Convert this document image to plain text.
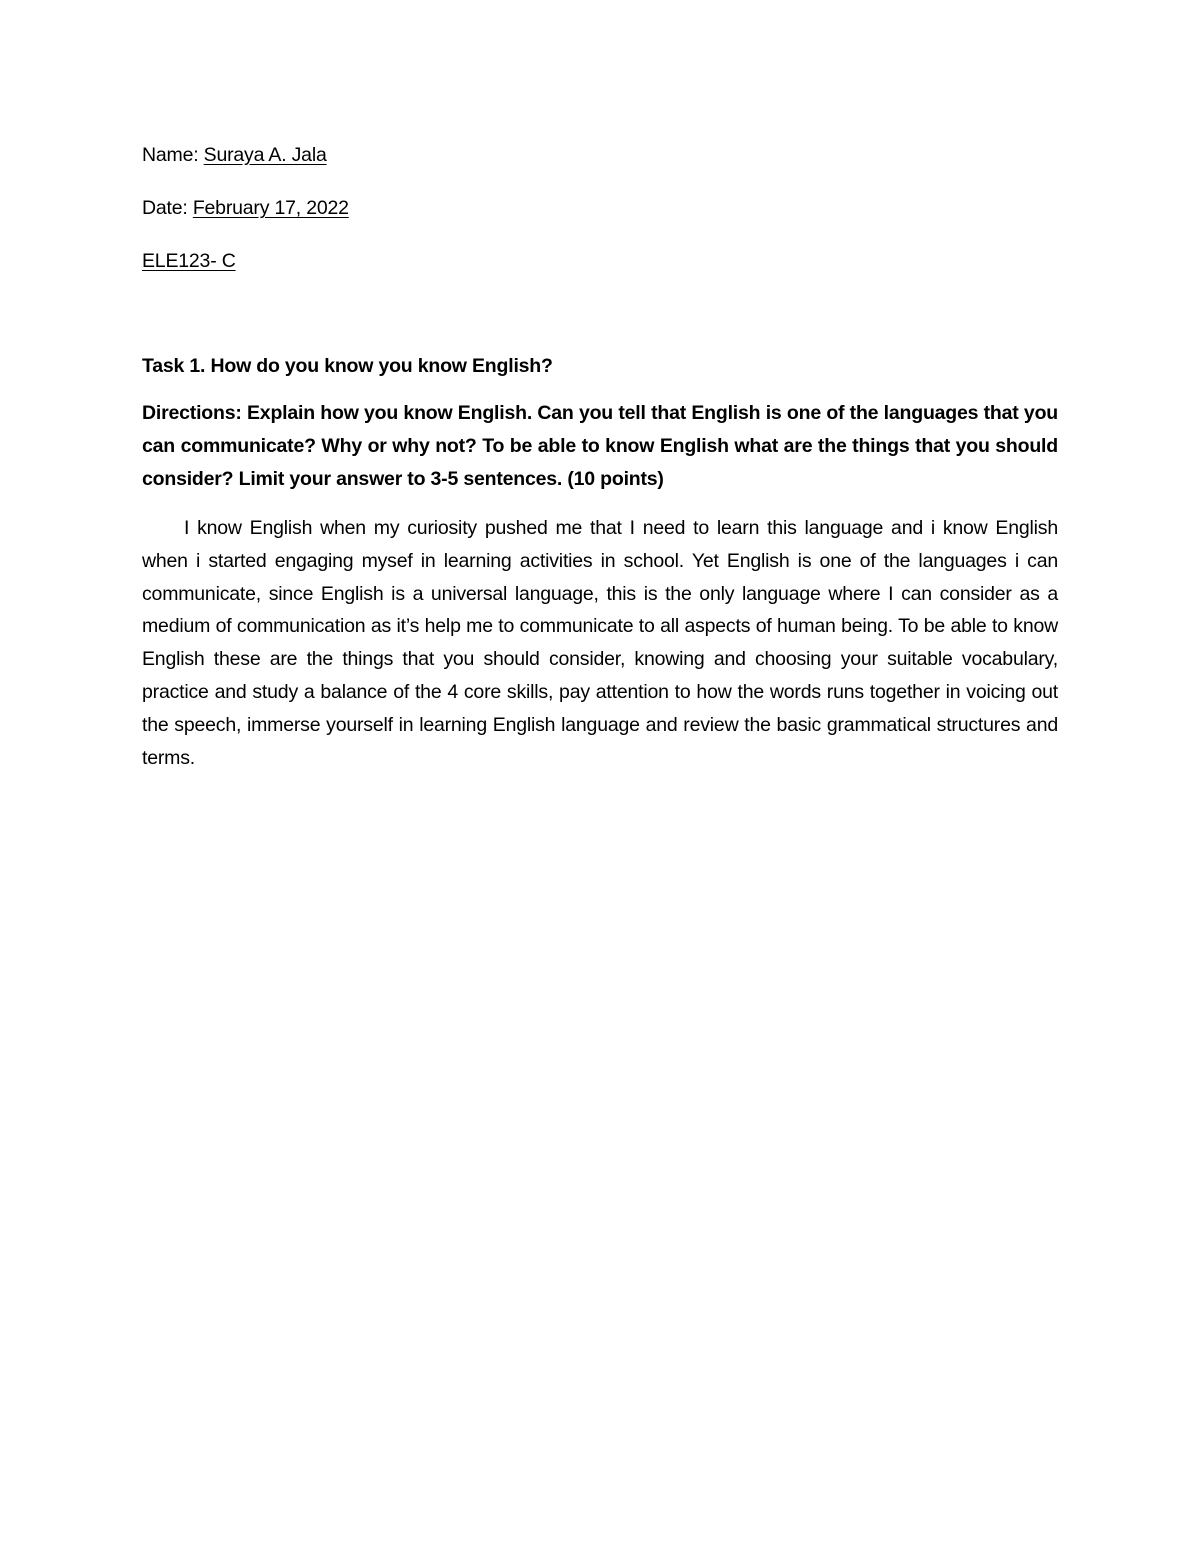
Name: Suraya A. Jala

Date: February 17, 2022

ELE123- C

Task 1. How do you know you know English?

Directions: Explain how you know English. Can you tell that English is one of the languages that you can communicate? Why or why not? To be able to know English what are the things that you should consider? Limit your answer to 3-5 sentences. (10 points)

I know English when my curiosity pushed me that I need to learn this language and i know English when i started engaging mysef in learning activities in school. Yet English is one of the languages i can communicate, since English is a universal language, this is the only language where I can consider as a medium of communication as it’s help me to communicate to all aspects of human being. To be able to know English these are the things that you should consider, knowing and choosing your suitable vocabulary, practice and study a balance of the 4 core skills, pay attention to how the words runs together in voicing out the speech, immerse yourself in learning English language and review the basic grammatical structures and terms.
